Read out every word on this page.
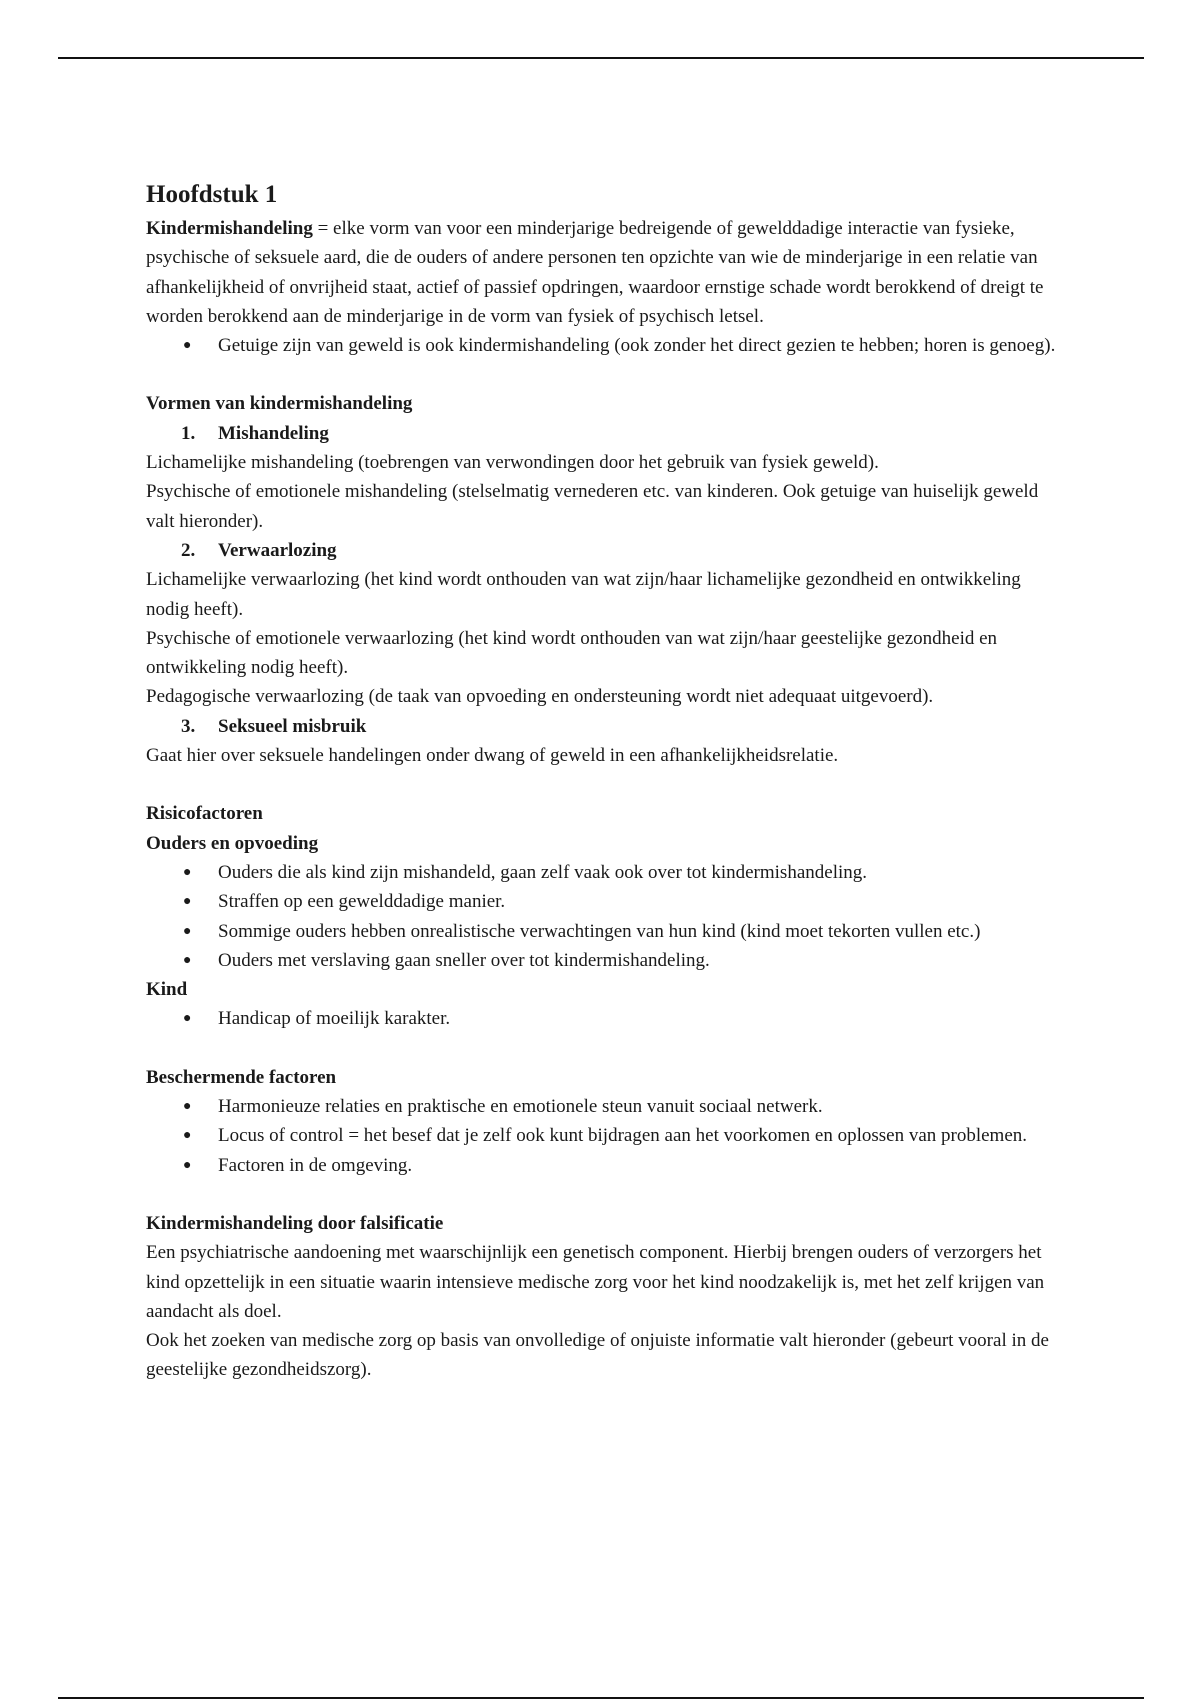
Hoofdstuk 1

Kindermishandeling = elke vorm van voor een minderjarige bedreigende of gewelddadige interactie van fysieke, psychische of seksuele aard, die de ouders of andere personen ten opzichte van wie de minderjarige in een relatie van afhankelijkheid of onvrijheid staat, actief of passief opdringen, waardoor ernstige schade wordt berokkend of dreigt te worden berokkend aan de minderjarige in de vorm van fysiek of psychisch letsel.

● Getuige zijn van geweld is ook kindermishandeling (ook zonder het direct gezien te hebben; horen is genoeg).

Vormen van kindermishandeling

1. Mishandeling

Lichamelijke mishandeling (toebrengen van verwondingen door het gebruik van fysiek geweld).

Psychische of emotionele mishandeling (stelselmatig vernederen etc. van kinderen. Ook getuige van huiselijk geweld valt hieronder).

2. Verwaarlozing

Lichamelijke verwaarlozing (het kind wordt onthouden van wat zijn/haar lichamelijke gezondheid en ontwikkeling nodig heeft).

Psychische of emotionele verwaarlozing (het kind wordt onthouden van wat zijn/haar geestelijke gezondheid en ontwikkeling nodig heeft).

Pedagogische verwaarlozing (de taak van opvoeding en ondersteuning wordt niet adequaat uitgevoerd).

3. Seksueel misbruik

Gaat hier over seksuele handelingen onder dwang of geweld in een afhankelijkheidsrelatie.

Risicofactoren

Ouders en opvoeding

● Ouders die als kind zijn mishandeld, gaan zelf vaak ook over tot kindermishandeling.
● Straffen op een gewelddadige manier.
● Sommige ouders hebben onrealistische verwachtingen van hun kind (kind moet tekorten vullen etc.)
● Ouders met verslaving gaan sneller over tot kindermishandeling.

Kind

● Handicap of moeilijk karakter.

Beschermende factoren

● Harmonieuze relaties en praktische en emotionele steun vanuit sociaal netwerk.
● Locus of control = het besef dat je zelf ook kunt bijdragen aan het voorkomen en oplossen van problemen.
● Factoren in de omgeving.

Kindermishandeling door falsificatie

Een psychiatrische aandoening met waarschijnlijk een genetisch component. Hierbij brengen ouders of verzorgers het kind opzettelijk in een situatie waarin intensieve medische zorg voor het kind noodzakelijk is, met het zelf krijgen van aandacht als doel.

Ook het zoeken van medische zorg op basis van onvolledige of onjuiste informatie valt hieronder (gebeurt vooral in de geestelijke gezondheidszorg).
